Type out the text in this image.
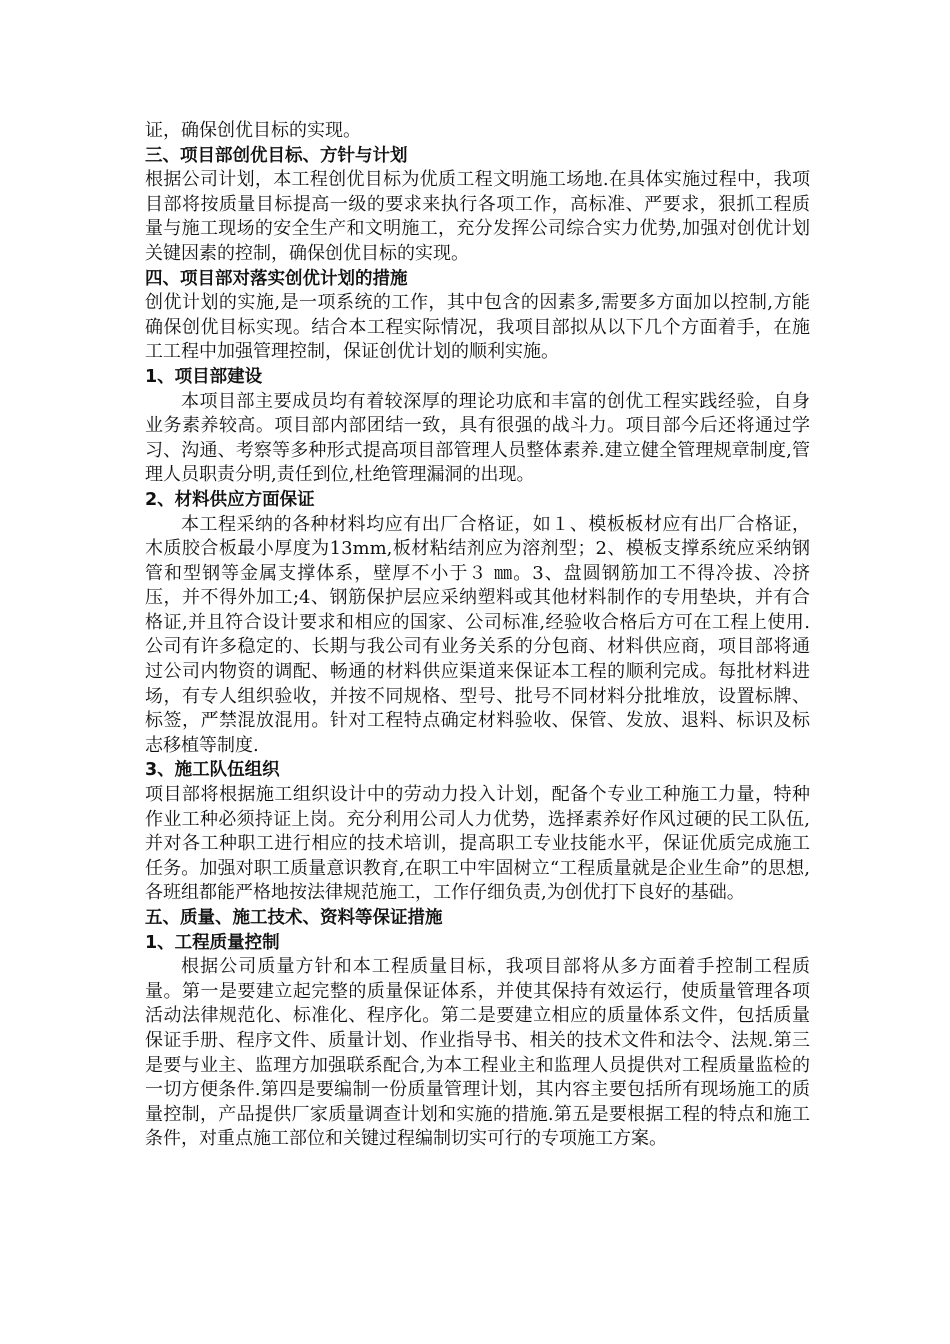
证，确保创优目标的实现。

三、项目部创优目标、方针与计划

根据公司计划，本工程创优目标为优质工程文明施工场地.在具体实施过程中，我项目部将按质量目标提高一级的要求来执行各项工作，高标准、严要求，狠抓工程质量与施工现场的安全生产和文明施工，充分发挥公司综合实力优势,加强对创优计划关键因素的控制，确保创优目标的实现。

四、项目部对落实创优计划的措施

创优计划的实施,是一项系统的工作，其中包含的因素多,需要多方面加以控制,方能确保创优目标实现。结合本工程实际情况，我项目部拟从以下几个方面着手，在施工工程中加强管理控制，保证创优计划的顺利实施。

1、项目部建设

本项目部主要成员均有着较深厚的理论功底和丰富的创优工程实践经验，自身业务素养较高。项目部内部团结一致，具有很强的战斗力。项目部今后还将通过学习、沟通、考察等多种形式提高项目部管理人员整体素养.建立健全管理规章制度,管理人员职责分明,责任到位,杜绝管理漏洞的出现。

2、材料供应方面保证

本工程采纳的各种材料均应有出厂合格证，如１、模板板材应有出厂合格证，木质胶合板最小厚度为13mm,板材粘结剂应为溶剂型；2、模板支撑系统应采纳钢管和型钢等金属支撑体系，壁厚不小于３ ㎜。3、盘圆钢筋加工不得冷拔、冷挤压，并不得外加工;4、钢筋保护层应采纳塑料或其他材料制作的专用垫块，并有合格证,并且符合设计要求和相应的国家、公司标准,经验收合格后方可在工程上使用.公司有许多稳定的、长期与我公司有业务关系的分包商、材料供应商，项目部将通过公司内物资的调配、畅通的材料供应渠道来保证本工程的顺利完成。每批材料进场，有专人组织验收，并按不同规格、型号、批号不同材料分批堆放，设置标牌、标签，严禁混放混用。针对工程特点确定材料验收、保管、发放、退料、标识及标志移植等制度.

3、施工队伍组织

项目部将根据施工组织设计中的劳动力投入计划，配备个专业工种施工力量，特种作业工种必须持证上岗。充分利用公司人力优势，选择素养好作风过硬的民工队伍,并对各工种职工进行相应的技术培训，提高职工专业技能水平，保证优质完成施工任务。加强对职工质量意识教育,在职工中牢固树立“工程质量就是企业生命”的思想,各班组都能严格地按法律规范施工，工作仔细负责,为创优打下良好的基础。

五、质量、施工技术、资料等保证措施

1、工程质量控制

根据公司质量方针和本工程质量目标，我项目部将从多方面着手控制工程质量。第一是要建立起完整的质量保证体系，并使其保持有效运行，使质量管理各项活动法律规范化、标准化、程序化。第二是要建立相应的质量体系文件，包括质量保证手册、程序文件、质量计划、作业指导书、相关的技术文件和法令、法规.第三是要与业主、监理方加强联系配合,为本工程业主和监理人员提供对工程质量监检的一切方便条件.第四是要编制一份质量管理计划，其内容主要包括所有现场施工的质量控制，产品提供厂家质量调查计划和实施的措施.第五是要根据工程的特点和施工条件，对重点施工部位和关键过程编制切实可行的专项施工方案。
